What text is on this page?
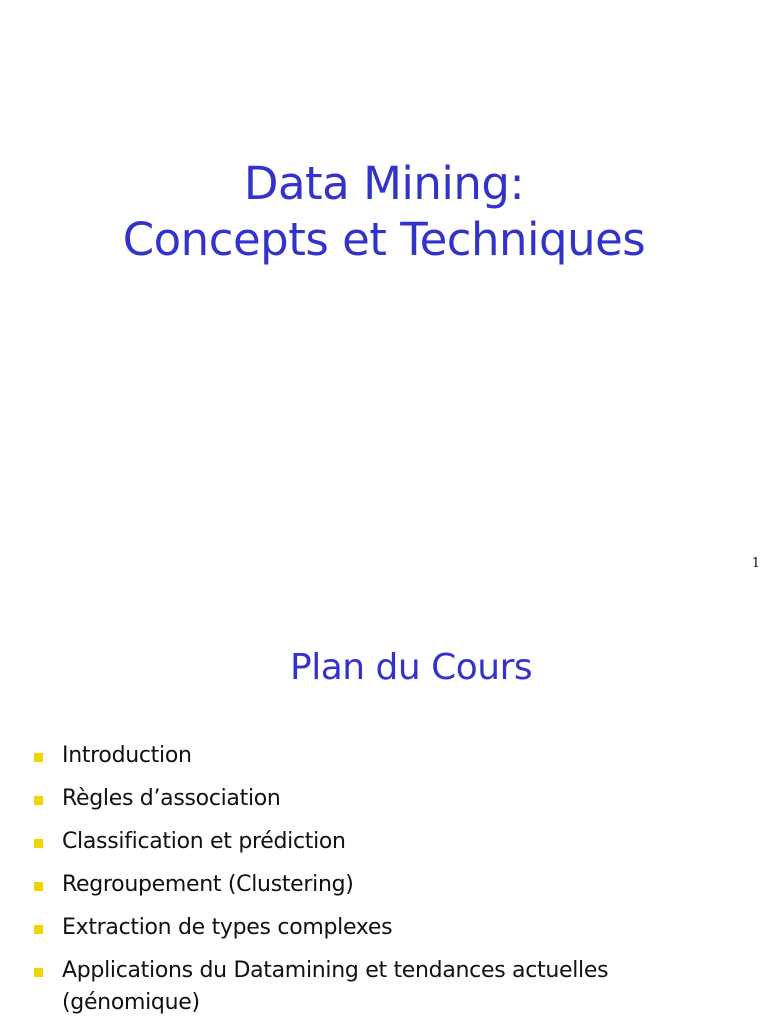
Data Mining:
Concepts et Techniques
1
Plan du Cours
Introduction
Règles d’association
Classification et prédiction
Regroupement (Clustering)
Extraction de types complexes
Applications du Datamining et tendances actuelles (génomique)
